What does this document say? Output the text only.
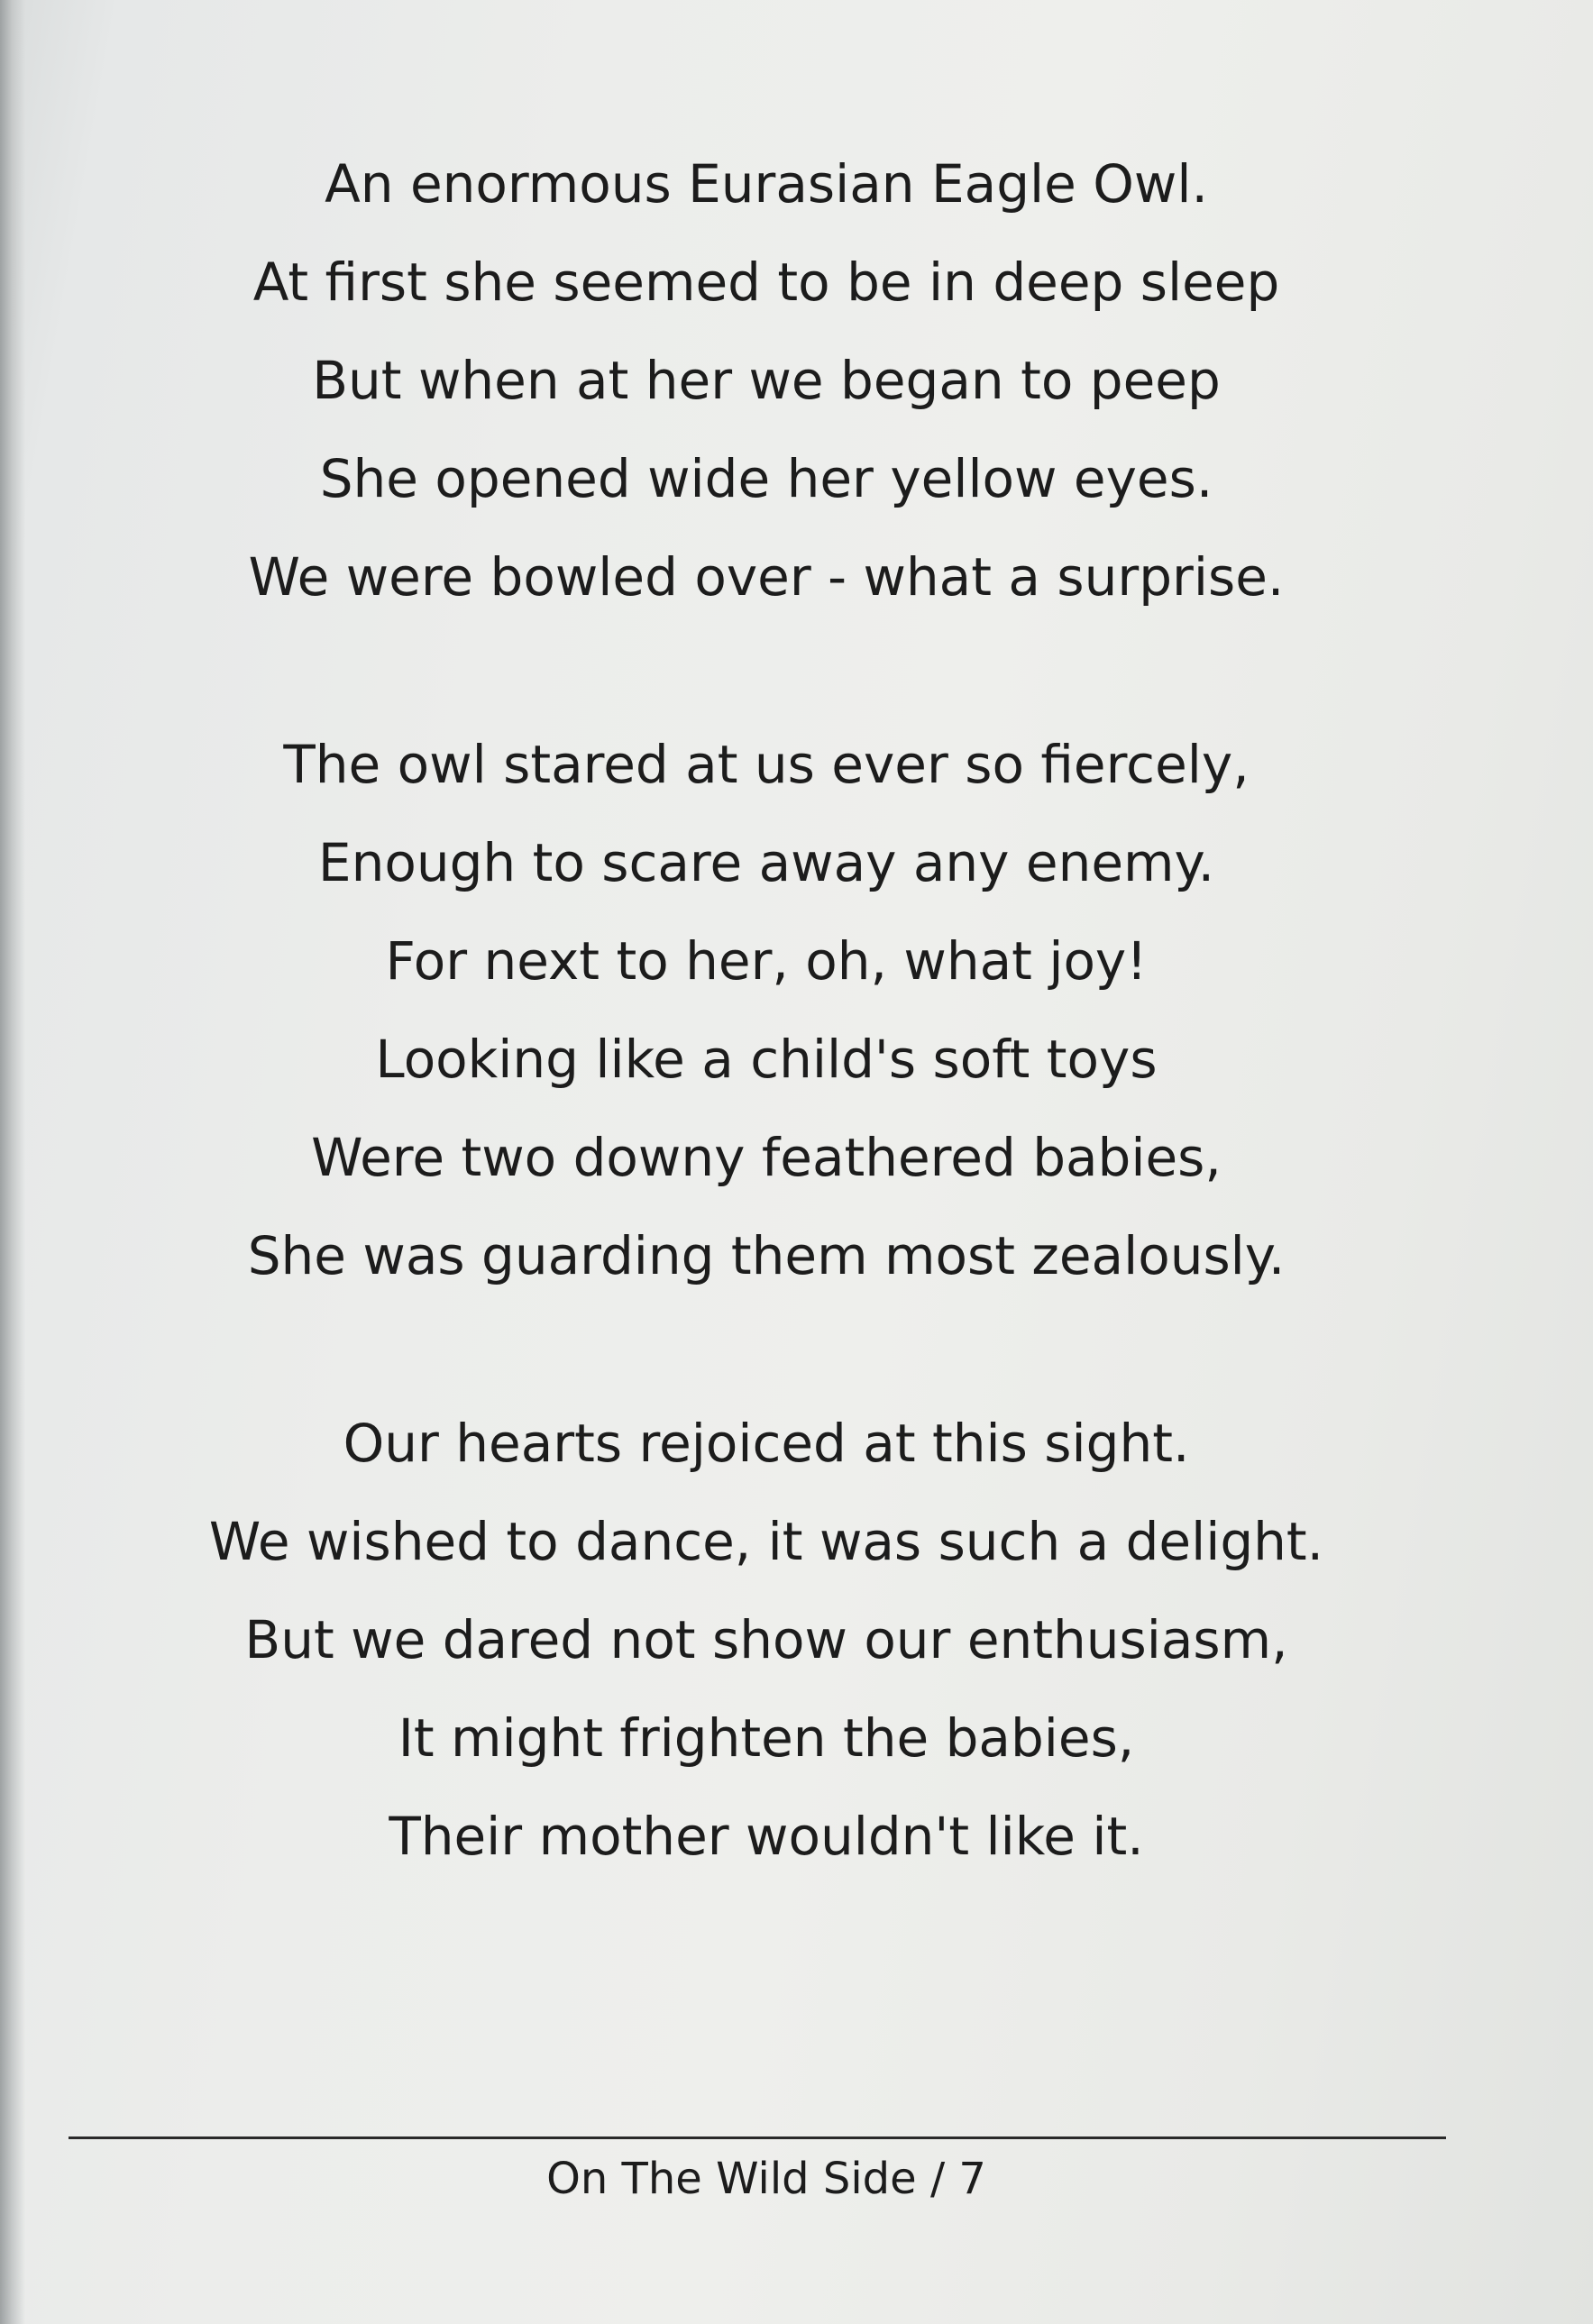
An enormous Eurasian Eagle Owl.
At first she seemed to be in deep sleep
But when at her we began to peep
She opened wide her yellow eyes.
We were bowled over - what a surprise.
The owl stared at us ever so fiercely,
Enough to scare away any enemy.
For next to her, oh, what joy!
Looking like a child's soft toys
Were two downy feathered babies,
She was guarding them most zealously.
Our hearts rejoiced at this sight.
We wished to dance, it was such a delight.
But we dared not show our enthusiasm,
It might frighten the babies,
Their mother wouldn't like it.
On The Wild Side / 7
